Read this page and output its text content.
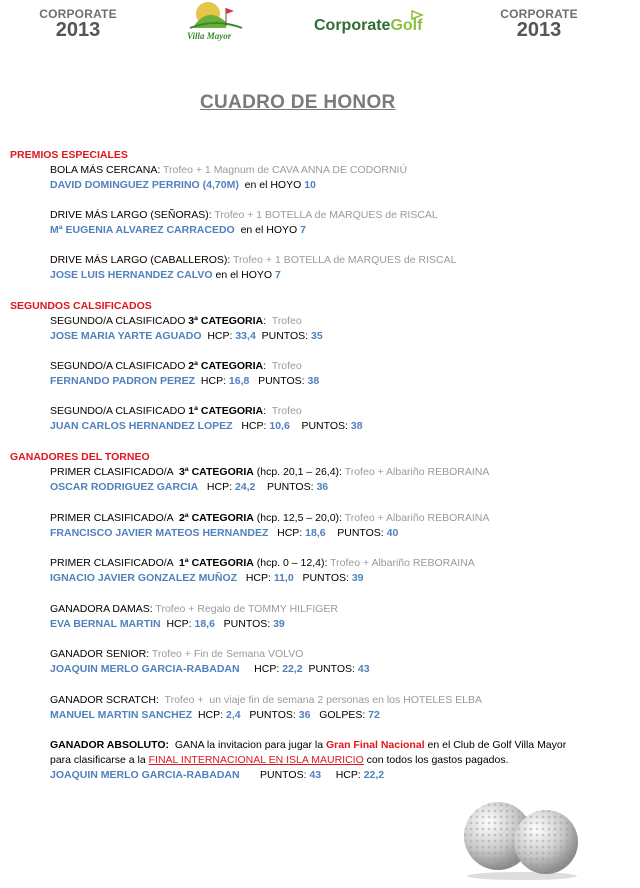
CORPORATE
2013	Villa Mayor
CorporateGolf
CORPORATE
2013
CUADRO DE HONOR
PREMIOS ESPECIALES
BOLA MÁS CERCANA: Trofeo + 1 Magnum de CAVA ANNA DE CODORNIÚ
DAVID DOMINGUEZ PERRINO (4,70M)  en el HOYO 10
DRIVE MÁS LARGO (SEÑORAS): Trofeo + 1 BOTELLA de MARQUES de RISCAL
Mª EUGENIA ALVAREZ CARRACEDO  en el HOYO 7
DRIVE MÁS LARGO (CABALLEROS): Trofeo + 1 BOTELLA de MARQUES de RISCAL
JOSE LUIS HERNANDEZ CALVO en el HOYO 7
SEGUNDOS CALSIFICADOS
SEGUNDO/A CLASIFICADO 3ª CATEGORIA:  Trofeo
JOSE MARIA YARTE AGUADO  HCP: 33,4  PUNTOS: 35
SEGUNDO/A CLASIFICADO 2ª CATEGORIA:  Trofeo
FERNANDO PADRON PEREZ  HCP: 16,8   PUNTOS: 38
SEGUNDO/A CLASIFICADO 1ª CATEGORIA:  Trofeo
JUAN CARLOS HERNANDEZ LOPEZ   HCP: 10,6    PUNTOS: 38
GANADORES DEL TORNEO
PRIMER CLASIFICADO/A  3ª CATEGORIA (hcp. 20,1 – 26,4): Trofeo + Albariño REBORAINA
OSCAR RODRIGUEZ GARCIA   HCP: 24,2    PUNTOS: 36
PRIMER CLASIFICADO/A  2ª CATEGORIA (hcp. 12,5 – 20,0): Trofeo + Albariño REBORAINA
FRANCISCO JAVIER MATEOS HERNANDEZ   HCP: 18,6    PUNTOS: 40
PRIMER CLASIFICADO/A  1ª CATEGORIA (hcp. 0 – 12,4): Trofeo + Albariño REBORAINA
IGNACIO JAVIER GONZALEZ MUÑOZ   HCP: 11,0   PUNTOS: 39
GANADORA DAMAS: Trofeo + Regalo de TOMMY HILFIGER
EVA BERNAL MARTIN  HCP: 18,6   PUNTOS: 39
GANADOR SENIOR: Trofeo + Fin de Semana VOLVO
JOAQUIN MERLO GARCIA-RABADAN     HCP: 22,2  PUNTOS: 43
GANADOR SCRATCH:  Trofeo +  un viaje fin de semana 2 personas en los HOTELES ELBA
MANUEL MARTIN SANCHEZ  HCP: 2,4   PUNTOS: 36   GOLPES: 72
GANADOR ABSOLUTO:  GANA la invitacion para jugar la Gran Final Nacional en el Club de Golf Villa Mayor
para clasificarse a la FINAL INTERNACIONAL EN ISLA MAURICIO con todos los gastos pagados.
JOAQUIN MERLO GARCIA-RABADAN       PUNTOS: 43     HCP: 22,2
